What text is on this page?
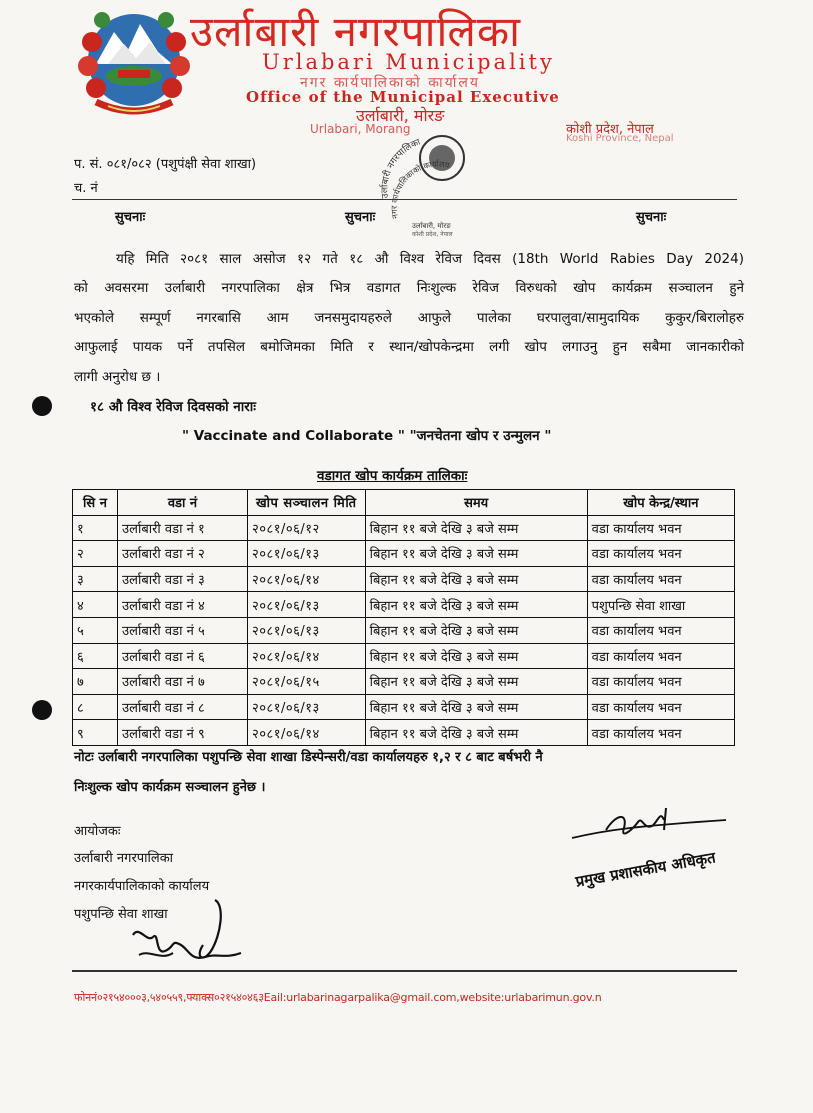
उर्लाबारी नगरपालिका
Urlabari Municipality
नगर कार्यपालिकाको कार्यालय
Office of the Municipal Executive
उर्लाबारी, मोरङ
Urlabari, Morang	कोशी प्रदेश, नेपाल
Koshi Province, Nepal
प. सं. ०८१/०८२ (पशुपंक्षी सेवा शाखा)
च. नं	उर्लाबारी नगरपालिका
नगर र्यपालिकाको कार्यालय
उर्लाबारी, मोरङ
कोशी प्रदेश, नेपाल
सुचनाः	सुचनाः	सुचनाः
यहि मिति २०८१ साल असोज १२ गते १८ औ विश्व रेविज दिवस (18th World Rabies Day 2024)
को अवसरमा उर्लाबारी नगरपालिका क्षेत्र भित्र वडागत निःशुल्क रेविज विरुधको खोप कार्यक्रम सञ्चालन हुने
भएकोले सम्पूर्ण नगरबासि आम जनसमुदायहरुले आफुले पालेका घरपालुवा/सामुदायिक कुकुर/बिरालोहरु
आफुलाई पायक पर्ने तपसिल बमोजिमका मिति र स्थान/खोपकेन्द्रमा लगी खोप लगाउनु हुन सबैमा जानकारीको
लागी अनुरोध छ ।
१८ औ विश्व रेविज दिवसको नाराः
" Vaccinate and Collaborate " "जनचेतना खोप र उन्मुलन "
वडागत खोप कार्यक्रम तालिकाः
सि न	वडा नं	खोप सञ्चालन मिति	समय	खोप केन्द्र/स्थान
१	उर्लाबारी वडा नं १	२०८१/०६/१२	बिहान ११ बजे देखि ३ बजे सम्म	वडा कार्यालय भवन
२	उर्लाबारी वडा नं २	२०८१/०६/१३	बिहान ११ बजे देखि ३ बजे सम्म	वडा कार्यालय भवन
३	उर्लाबारी वडा नं ३	२०८१/०६/१४	बिहान ११ बजे देखि ३ बजे सम्म	वडा कार्यालय भवन
४	उर्लाबारी वडा नं ४	२०८१/०६/१३	बिहान ११ बजे देखि ३ बजे सम्म	पशुपन्छि सेवा शाखा
५	उर्लाबारी वडा नं ५	२०८१/०६/१३	बिहान ११ बजे देखि ३ बजे सम्म	वडा कार्यालय भवन
६	उर्लाबारी वडा नं ६	२०८१/०६/१४	बिहान ११ बजे देखि ३ बजे सम्म	वडा कार्यालय भवन
७	उर्लाबारी वडा नं ७	२०८१/०६/१५	बिहान ११ बजे देखि ३ बजे सम्म	वडा कार्यालय भवन
८	उर्लाबारी वडा नं ८	२०८१/०६/१३	बिहान ११ बजे देखि ३ बजे सम्म	वडा कार्यालय भवन
९	उर्लाबारी वडा नं ९	२०८१/०६/१४	बिहान ११ बजे देखि ३ बजे सम्म	वडा कार्यालय भवन
नोटः उर्लाबारी नगरपालिका पशुपन्छि सेवा शाखा डिस्पेन्सरी/वडा कार्यालयहरु १,२ र ८ बाट बर्षभरी नै
निःशुल्क खोप कार्यक्रम सञ्चालन हुनेछ ।
आयोजकः
उर्लाबारी नगरपालिका
नगरकार्यपालिकाको कार्यालय
पशुपन्छि सेवा शाखा
प्रमुख प्रशासकीय अधिकृत
फोननं०२१५४०००३,५४०५५९,फ्याक्स०२१५४०४६३Eail:urlabarinagarpalika@gmail.com,website:urlabarimun.gov.n
